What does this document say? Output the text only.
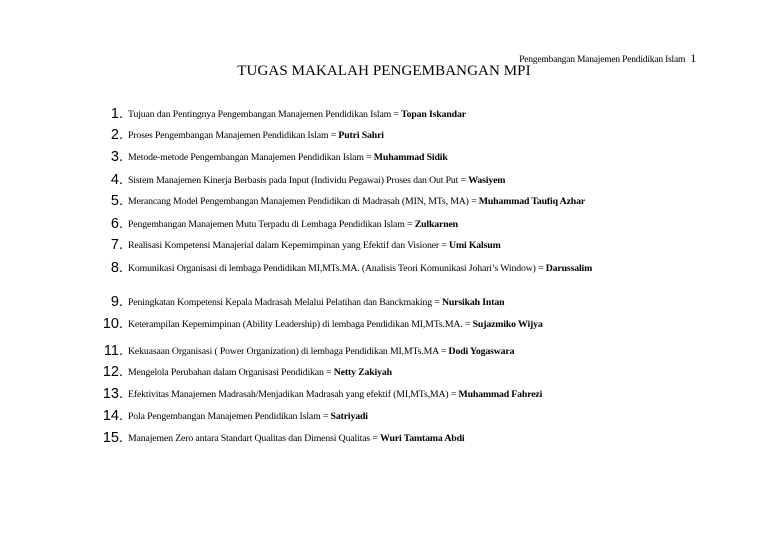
Pengembangan Manajemen Pendidikan Islam 1
TUGAS MAKALAH PENGEMBANGAN MPI
1. Tujuan dan Pentingnya Pengembangan Manajemen Pendidikan Islam = Topan Iskandar
2. Proses Pengembangan Manajemen Pendidikan Islam = Putri Sahri
3. Metode-metode Pengembangan Manajemen Pendidikan Islam = Muhammad Sidik
4. Sistem Manajemen Kinerja Berbasis pada Input (Individu Pegawai) Proses dan Out Put = Wasiyem
5. Merancang Model Pengembangan Manajemen Pendidikan di Madrasah (MIN, MTs, MA) = Muhammad Taufiq Azhar
6. Pengembangan Manajemen Mutu Terpadu di Lembaga Pendidikan Islam = Zulkarnen
7. Realisasi Kompetensi Manajerial dalam Kepemimpinan yang Efektif dan Visioner = Umi Kalsum
8. Komunikasi Organisasi di lembaga Pendidikan MI,MTs.MA. (Analisis Teori Komunikasi Johari’s Window) = Darussalim
9. Peningkatan Kompetensi Kepala Madrasah Melalui Pelatihan dan Banckmaking = Nursikah Intan
10. Keterampilan Kepemimpinan (Ability Leadership) di lembaga Pendidikan MI,MTs.MA. = Sujazmiko Wijya
11. Kekuasaan Organisasi ( Power Organization) di lembaga Pendidikan MI,MTs.MA = Dodi Yogaswara
12. Mengelola Perubahan dalam Organisasi Pendidikan = Netty Zakiyah
13. Efektivitas Manajemen Madrasah/Menjadikan Madrasah yang efektif (MI,MTs,MA) = Muhammad Fahrezi
14. Pola Pengembangan Manajemen Pendidikan Islam = Satriyadi
15. Manajemen Zero antara Standart Qualitas dan Dimensi Qualitas = Wuri Tamtama Abdi
